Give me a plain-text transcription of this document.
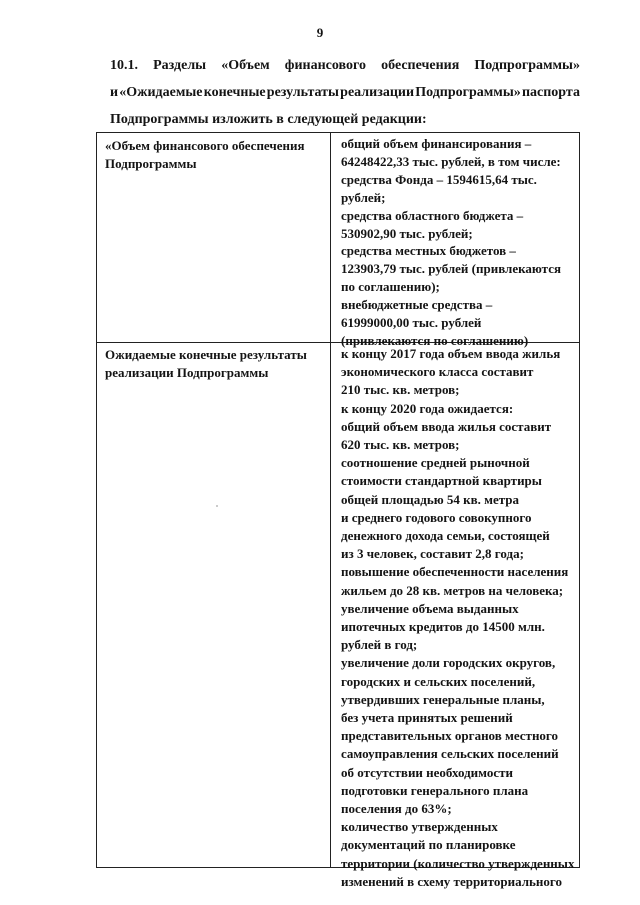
9
10.1. Разделы «Объем финансового обеспечения Подпрограммы»
и «Ожидаемые конечные результаты реализации Подпрограммы» паспорта
Подпрограммы изложить в следующей редакции:
«Объем финансового обеспечения
Подпрограммы
общий объем финансирования –
64248422,33 тыс. рублей, в том числе:
средства Фонда – 1594615,64 тыс.
рублей;
средства областного бюджета –
530902,90 тыс. рублей;
средства местных бюджетов –
123903,79 тыс. рублей (привлекаются
по соглашению);
внебюджетные средства –
61999000,00 тыс. рублей
(привлекаются по соглашению)
Ожидаемые конечные результаты
реализации Подпрограммы
к концу 2017 года объем ввода жилья
экономического класса составит
210 тыс. кв. метров;
к концу 2020 года ожидается:
общий объем ввода жилья составит
620 тыс. кв. метров;
соотношение средней рыночной
стоимости стандартной квартиры
общей площадью 54 кв. метра
и среднего годового совокупного
денежного дохода семьи, состоящей
из 3 человек, составит 2,8 года;
повышение обеспеченности населения
жильем до 28 кв. метров на человека;
увеличение объема выданных
ипотечных кредитов до 14500 млн.
рублей в год;
увеличение доли городских округов,
городских и сельских поселений,
утвердивших генеральные планы,
без учета принятых решений
представительных органов местного
самоуправления сельских поселений
об отсутствии необходимости
подготовки генерального плана
поселения до 63%;
количество утвержденных
документаций по планировке
территории (количество утвержденных
изменений в схему территориального
